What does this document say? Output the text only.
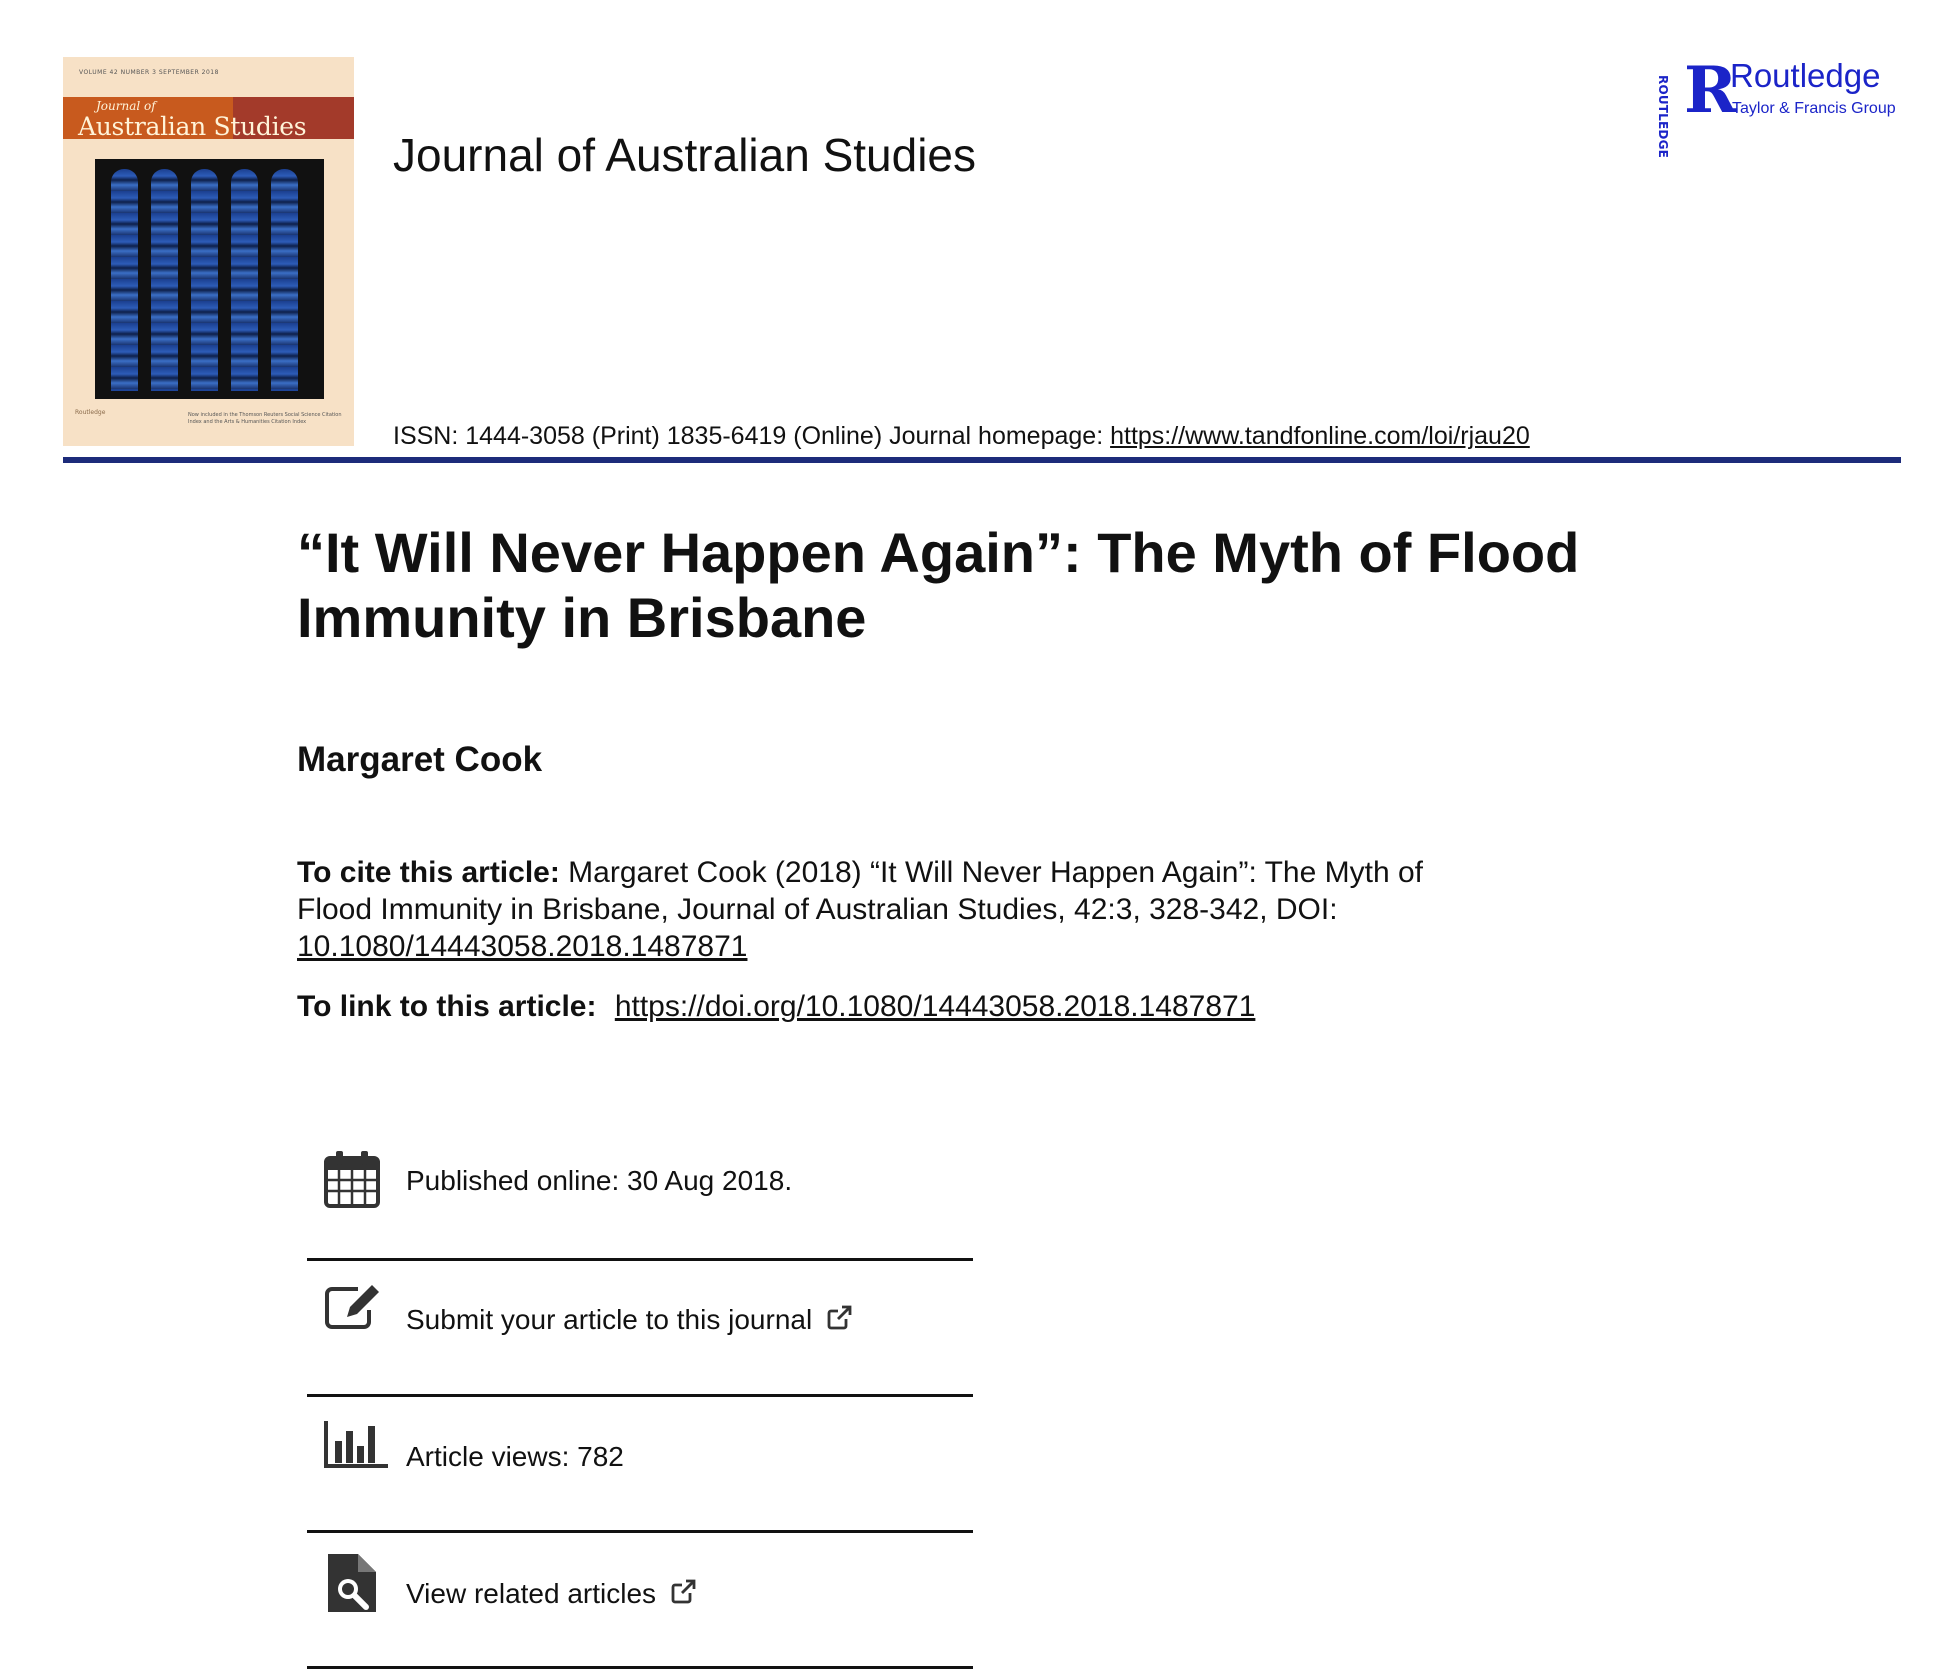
VOLUME 42 NUMBER 3 SEPTEMBER 2018
Journal of
Australian Studies
Routledge	Now included in the Thomson Reuters Social Science Citation Index and the Arts & Humanities Citation Index
Journal of Australian Studies
ISSN: 1444-3058 (Print) 1835-6419 (Online) Journal homepage: https://www.tandfonline.com/loi/rjau20
ROUTLEDGE R
Routledge
Taylor & Francis Group
“It Will Never Happen Again”: The Myth of Flood Immunity in Brisbane
Margaret Cook
To cite this article: Margaret Cook (2018) “It Will Never Happen Again”: The Myth of Flood Immunity in Brisbane, Journal of Australian Studies, 42:3, 328-342, DOI: 10.1080/14443058.2018.1487871
To link to this article: https://doi.org/10.1080/14443058.2018.1487871
Published online: 30 Aug 2018.
Submit your article to this journal
Article views: 782
View related articles
